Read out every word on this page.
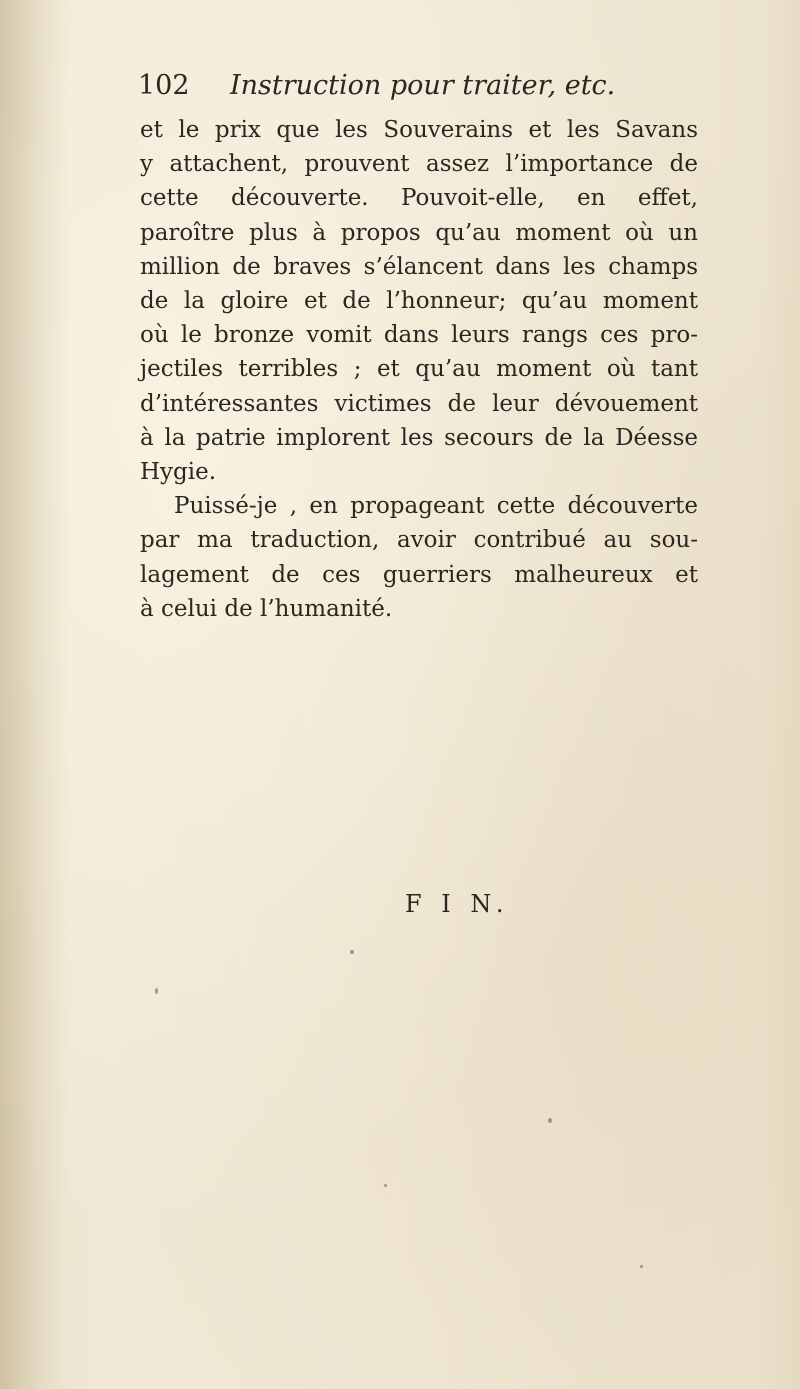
102 Instruction pour traiter, etc.
et le prix que les Souverains et les Savans
y attachent, prouvent assez l’importance de
cette découverte. Pouvoit-elle, en effet,
paroître plus à propos qu’au moment où un
million de braves s’élancent dans les champs
de la gloire et de l’honneur; qu’au moment
où le bronze vomit dans leurs rangs ces pro-
jectiles terribles ; et qu’au moment où tant
d’intéressantes victimes de leur dévouement
à la patrie implorent les secours de la Déesse
Hygie.
Puissé-je , en propageant cette découverte
par ma traduction, avoir contribué au sou-
lagement de ces guerriers malheureux et
à celui de l’humanité.
F I N.
